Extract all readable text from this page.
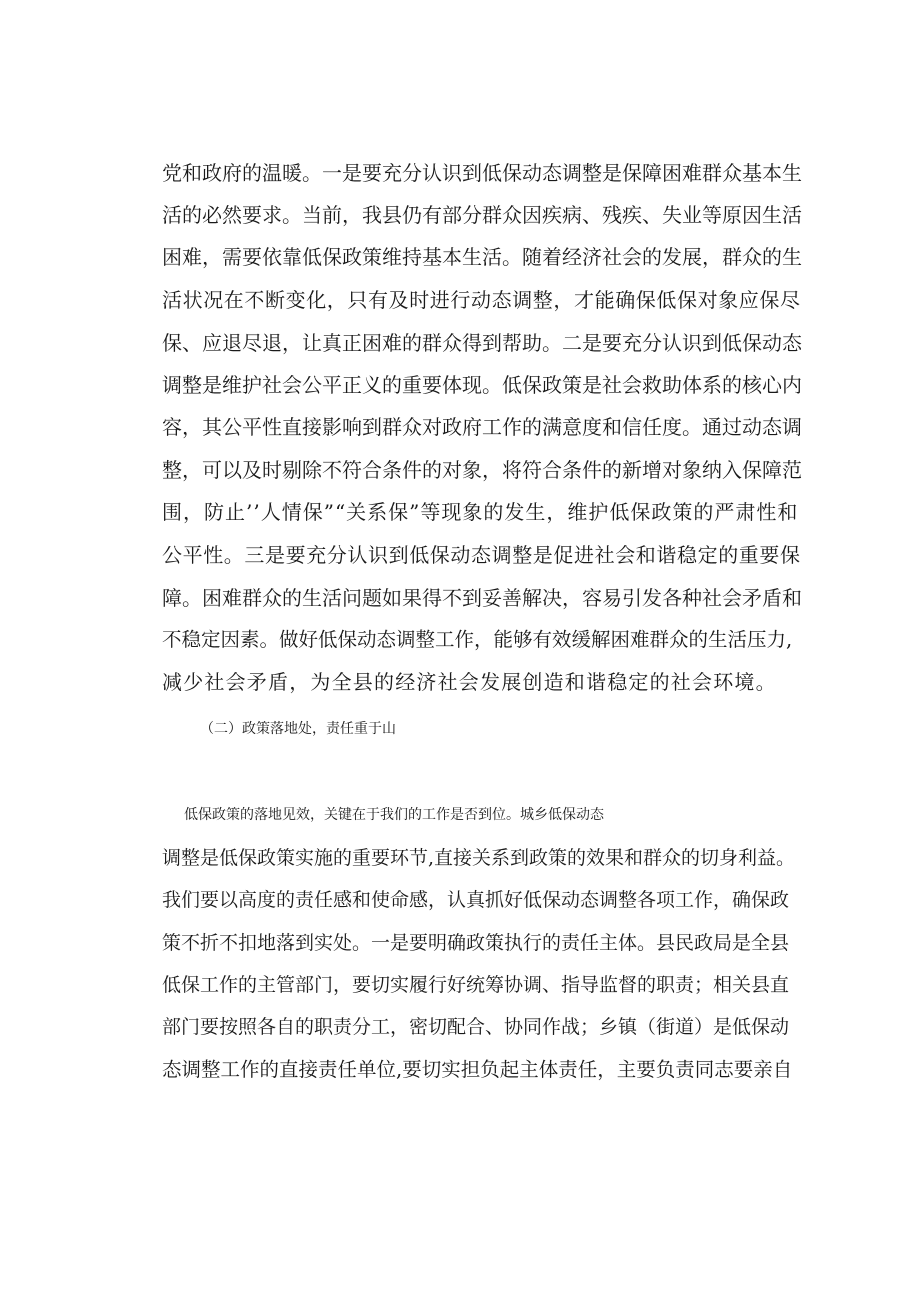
党和政府的温暖。一是要充分认识到低保动态调整是保障困难群众基本生
活的必然要求。当前，我县仍有部分群众因疾病、残疾、失业等原因生活
困难，需要依靠低保政策维持基本生活。随着经济社会的发展，群众的生
活状况在不断变化，只有及时进行动态调整，才能确保低保对象应保尽
保、应退尽退，让真正困难的群众得到帮助。二是要充分认识到低保动态
调整是维护社会公平正义的重要体现。低保政策是社会救助体系的核心内
容，其公平性直接影响到群众对政府工作的满意度和信任度。通过动态调
整，可以及时剔除不符合条件的对象，将符合条件的新增对象纳入保障范
围，防止’’人情保”“关系保”等现象的发生，维护低保政策的严肃性和
公平性。三是要充分认识到低保动态调整是促进社会和谐稳定的重要保
障。困难群众的生活问题如果得不到妥善解决，容易引发各种社会矛盾和
不稳定因素。做好低保动态调整工作，能够有效缓解困难群众的生活压力,
减少社会矛盾，为全县的经济社会发展创造和谐稳定的社会环境。
（二）政策落地处，责任重于山
低保政策的落地见效，关键在于我们的工作是否到位。城乡低保动态
调整是低保政策实施的重要环节,直接关系到政策的效果和群众的切身利益。
我们要以高度的责任感和使命感，认真抓好低保动态调整各项工作，确保政
策不折不扣地落到实处。一是要明确政策执行的责任主体。县民政局是全县
低保工作的主管部门，要切实履行好统筹协调、指导监督的职责；相关县直
部门要按照各自的职责分工，密切配合、协同作战；乡镇（街道）是低保动
态调整工作的直接责任单位,要切实担负起主体责任，主要负责同志要亲自
